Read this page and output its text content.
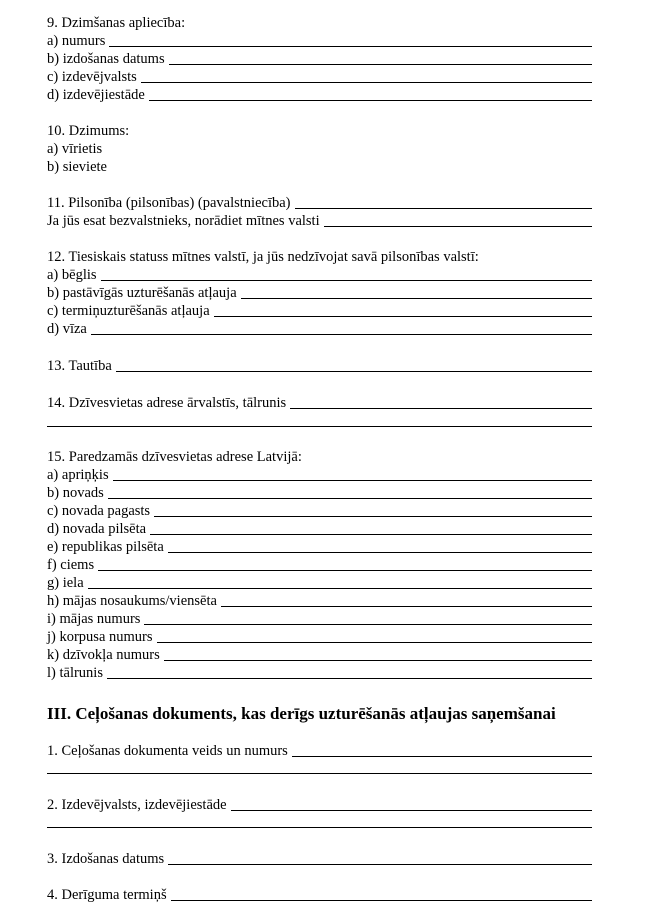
9. Dzimšanas apliecība:
a) numurs
b) izdošanas datums
c) izdevējvalsts
d) izdevējiestāde
10. Dzimums:
a) vīrietis
b) sieviete
11. Pilsonība (pilsonības) (pavalstniecība)
Ja jūs esat bezvalstnieks, norādiet mītnes valsti
12. Tiesiskais statuss mītnes valstī, ja jūs nedzīvojat savā pilsonības valstī:
a) bēglis
b) pastāvīgās uzturēšanās atļauja
c) termiņuzturēšanās atļauja
d) vīza
13. Tautība
14. Dzīvesvietas adrese ārvalstīs, tālrunis
15. Paredzamās dzīvesvietas adrese Latvijā:
a) apriņķis
b) novads
c) novada pagasts
d) novada pilsēta
e) republikas pilsēta
f) ciems
g) iela
h) mājas nosaukums/viensēta
i) mājas numurs
j) korpusa numurs
k) dzīvokļa numurs
l) tālrunis
III. Ceļošanas dokuments, kas derīgs uzturēšanās atļaujas saņemšanai
1. Ceļošanas dokumenta veids un numurs
2. Izdevējvalsts, izdevējiestāde
3. Izdošanas datums
4. Derīguma termiņš
